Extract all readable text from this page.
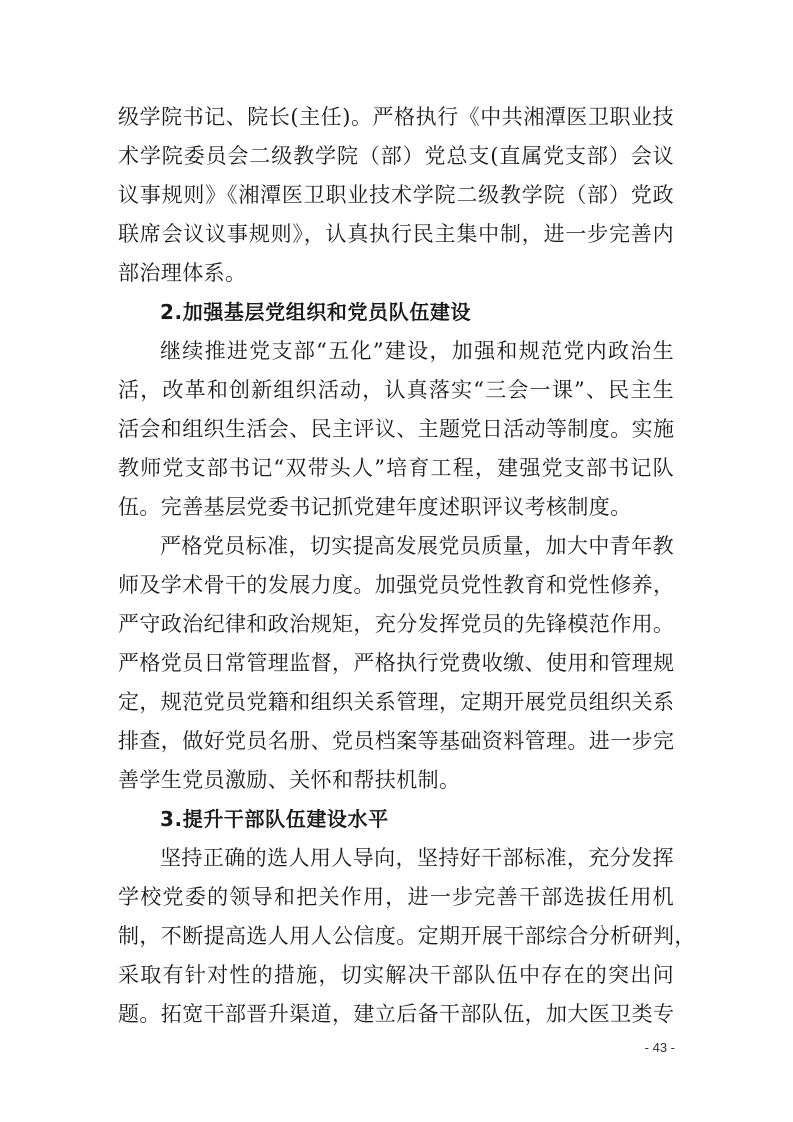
级学院书记、院长(主任)。严格执行《中共湘潭医卫职业技
术学院委员会二级教学院（部）党总支(直属党支部）会议
议事规则》《湘潭医卫职业技术学院二级教学院（部）党政
联席会议议事规则》，认真执行民主集中制，进一步完善内
部治理体系。
2.加强基层党组织和党员队伍建设
继续推进党支部“五化”建设，加强和规范党内政治生
活，改革和创新组织活动，认真落实“三会一课”、民主生
活会和组织生活会、民主评议、主题党日活动等制度。实施
教师党支部书记“双带头人”培育工程，建强党支部书记队
伍。完善基层党委书记抓党建年度述职评议考核制度。
严格党员标准，切实提高发展党员质量，加大中青年教
师及学术骨干的发展力度。加强党员党性教育和党性修养，
严守政治纪律和政治规矩，充分发挥党员的先锋模范作用。
严格党员日常管理监督，严格执行党费收缴、使用和管理规
定，规范党员党籍和组织关系管理，定期开展党员组织关系
排查，做好党员名册、党员档案等基础资料管理。进一步完
善学生党员激励、关怀和帮扶机制。
3.提升干部队伍建设水平
坚持正确的选人用人导向，坚持好干部标准，充分发挥
学校党委的领导和把关作用，进一步完善干部选拔任用机
制，不断提高选人用人公信度。定期开展干部综合分析研判，
采取有针对性的措施，切实解决干部队伍中存在的突出问
题。拓宽干部晋升渠道，建立后备干部队伍，加大医卫类专
- 43 -
